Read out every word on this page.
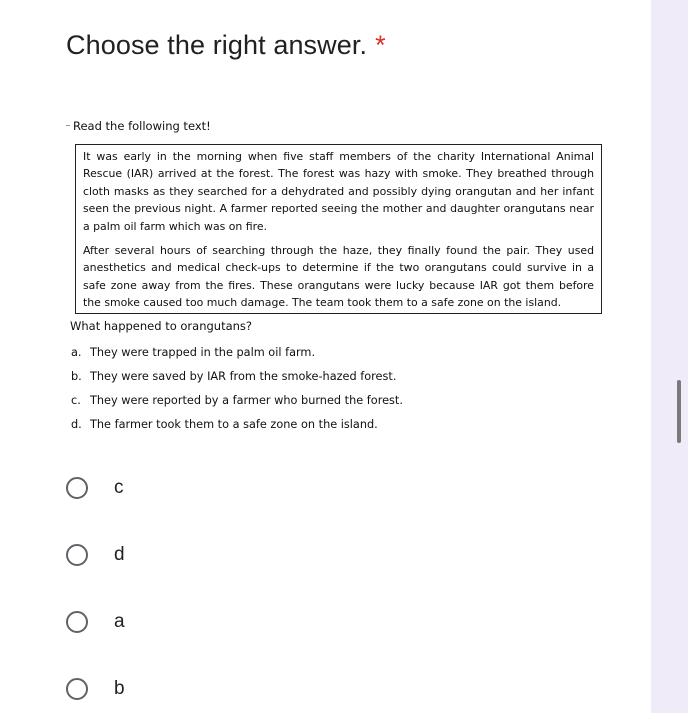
Choose the right answer. *
Read the following text!

It was early in the morning when five staff members of the charity International Animal Rescue (IAR) arrived at the forest. The forest was hazy with smoke. They breathed through cloth masks as they searched for a dehydrated and possibly dying orangutan and her infant seen the previous night. A farmer reported seeing the mother and daughter orangutans near a palm oil farm which was on fire.

After several hours of searching through the haze, they finally found the pair. They used anesthetics and medical check-ups to determine if the two orangutans could survive in a safe zone away from the fires. These orangutans were lucky because IAR got them before the smoke caused too much damage. The team took them to a safe zone on the island.

What happened to orangutans?
a. They were trapped in the palm oil farm.
b. They were saved by IAR from the smoke-hazed forest.
c. They were reported by a farmer who burned the forest.
d. The farmer took them to a safe zone on the island.
c
d
a
b
